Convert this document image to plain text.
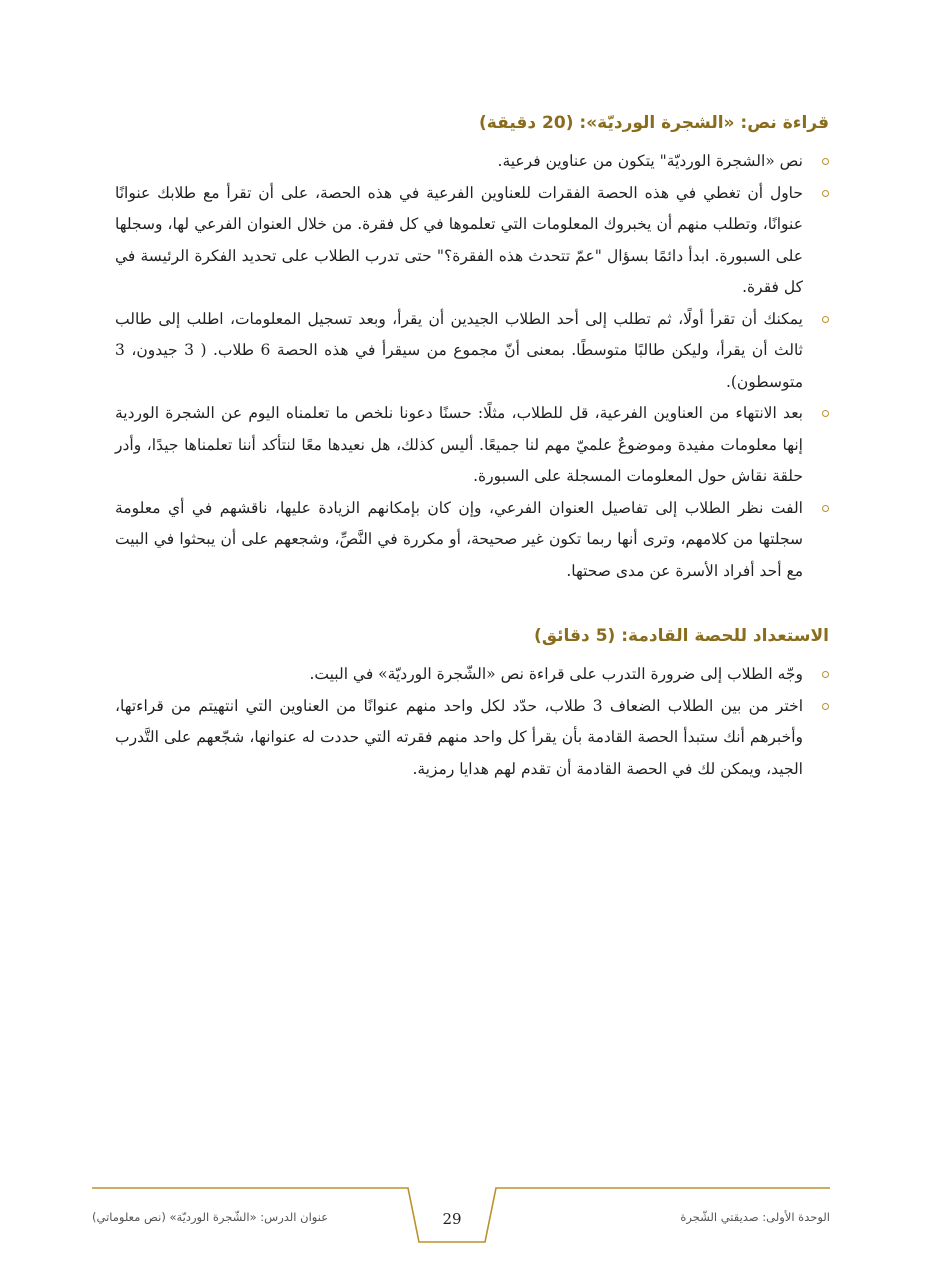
قراءة نص: «الشجرة الورديّة»: (20 دقيقة)
نص «الشجرة الورديّة" يتكون من عناوين فرعية.
حاول أن تغطي في هذه الحصة الفقرات للعناوين الفرعية في هذه الحصة، على أن تقرأ مع طلابك عنوانًا عنوانًا، وتطلب منهم أن يخبروك المعلومات التي تعلموها في كل فقرة. من خلال العنوان الفرعي لها، وسجلها على السبورة. ابدأ دائمًا بسؤال "عمّ تتحدث هذه الفقرة؟" حتى تدرب الطلاب على تحديد الفكرة الرئيسة في كل فقرة.
يمكنك أن تقرأ أولًا، ثم تطلب إلى أحد الطلاب الجيدين أن يقرأ، وبعد تسجيل المعلومات، اطلب إلى طالب ثالث أن يقرأ، وليكن طالبًا متوسطًا. بمعنى أنّ مجموع من سيقرأ في هذه الحصة 6 طلاب. ( 3 جيدون، 3 متوسطون).
بعد الانتهاء من العناوين الفرعية، قل للطلاب، مثلًا: حسنًا دعونا نلخص ما تعلمناه اليوم عن الشجرة الوردية إنها معلومات مفيدة وموضوعٌ علميّ مهم لنا جميعًا. أليس كذلك، هل نعيدها معًا لنتأكد أننا تعلمناها جيدًا، وأدر حلقة نقاش حول المعلومات المسجلة على السبورة.
الفت نظر الطلاب إلى تفاصيل العنوان الفرعي، وإن كان بإمكانهم الزيادة عليها، ناقشهم في أي معلومة سجلتها من كلامهم، وترى أنها ربما تكون غير صحيحة، أو مكررة في النَّصِّ، وشجعهم على أن يبحثوا في البيت مع أحد أفراد الأسرة عن مدى صحتها.
الاستعداد للحصة القادمة: (5 دقائق)
وجّه الطلاب إلى ضرورة التدرب على قراءة نص «الشّجرة الورديّة» في البيت.
اختر من بين الطلاب الضعاف 3 طلاب، حدّد لكل واحد منهم عنوانًا من العناوين التي انتهيتم من قراءتها، وأخبرهم أنك ستبدأ الحصة القادمة بأن يقرأ كل واحد منهم فقرته التي حددت له عنوانها، شجّعهم على التَّدرب الجيد، ويمكن لك في الحصة القادمة أن تقدم لهم هدايا رمزية.
عنوان الدرس: «الشّجرة الورديّة» (نص معلوماتي)	29	الوحدة الأولى: صديقتي الشّجرة
